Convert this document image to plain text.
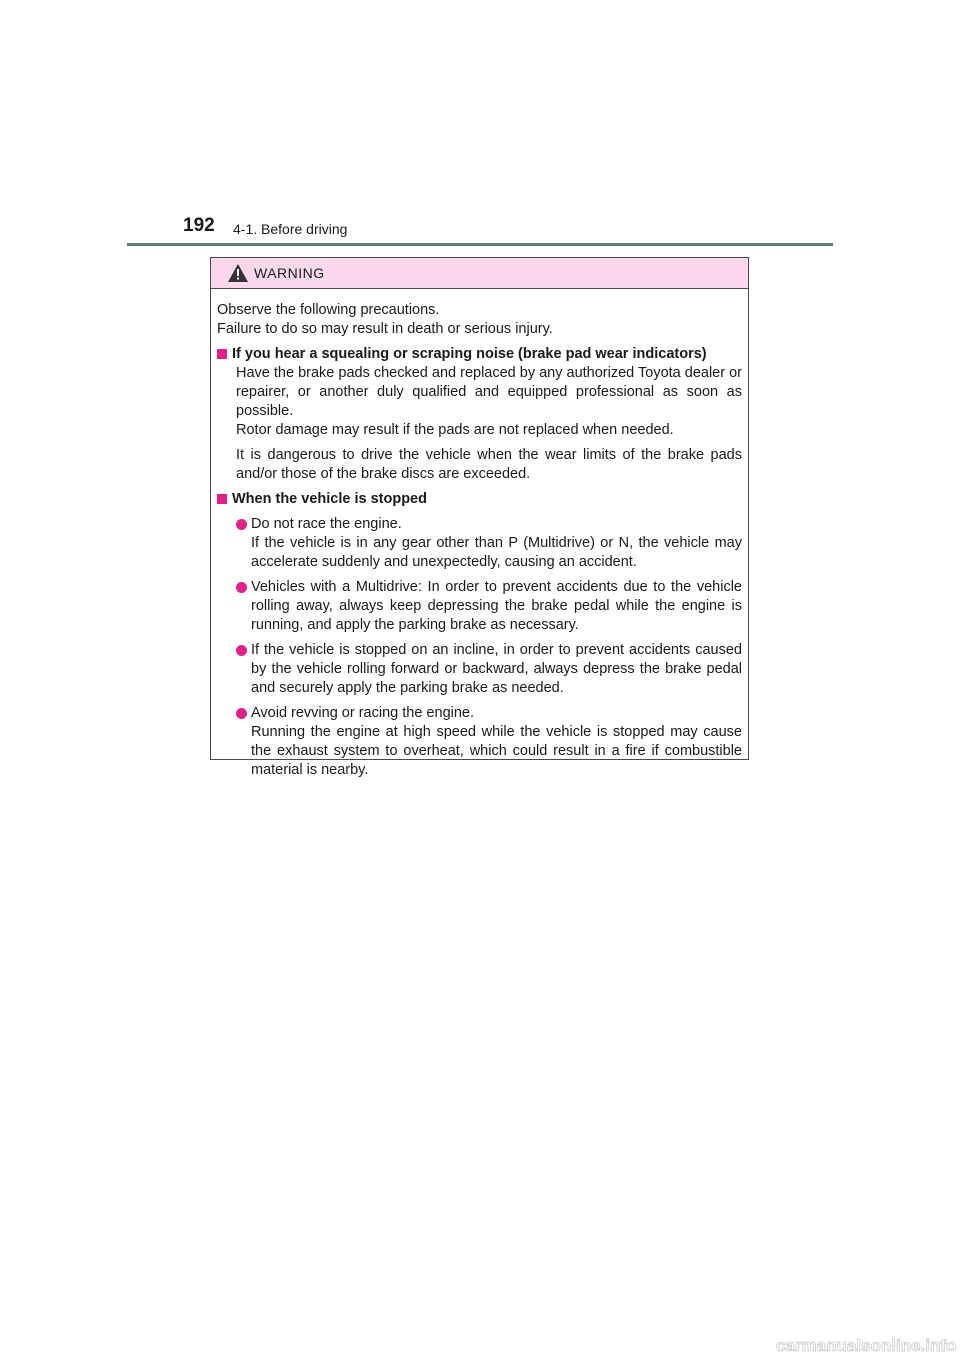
192 4-1. Before driving
WARNING

Observe the following precautions.

Failure to do so may result in death or serious injury.

If you hear a squealing or scraping noise (brake pad wear indicators)

Have the brake pads checked and replaced by any authorized Toyota dealer or repairer, or another duly qualified and equipped professional as soon as possible.

Rotor damage may result if the pads are not replaced when needed.

It is dangerous to drive the vehicle when the wear limits of the brake pads and/or those of the brake discs are exceeded.

When the vehicle is stopped
Do not race the engine.
If the vehicle is in any gear other than P (Multidrive) or N, the vehicle may accelerate suddenly and unexpectedly, causing an accident.
Vehicles with a Multidrive: In order to prevent accidents due to the vehicle rolling away, always keep depressing the brake pedal while the engine is running, and apply the parking brake as necessary.
If the vehicle is stopped on an incline, in order to prevent accidents caused by the vehicle rolling forward or backward, always depress the brake pedal and securely apply the parking brake as needed.
Avoid revving or racing the engine.
Running the engine at high speed while the vehicle is stopped may cause the exhaust system to overheat, which could result in a fire if combustible material is nearby.
carmanualsonline.info
